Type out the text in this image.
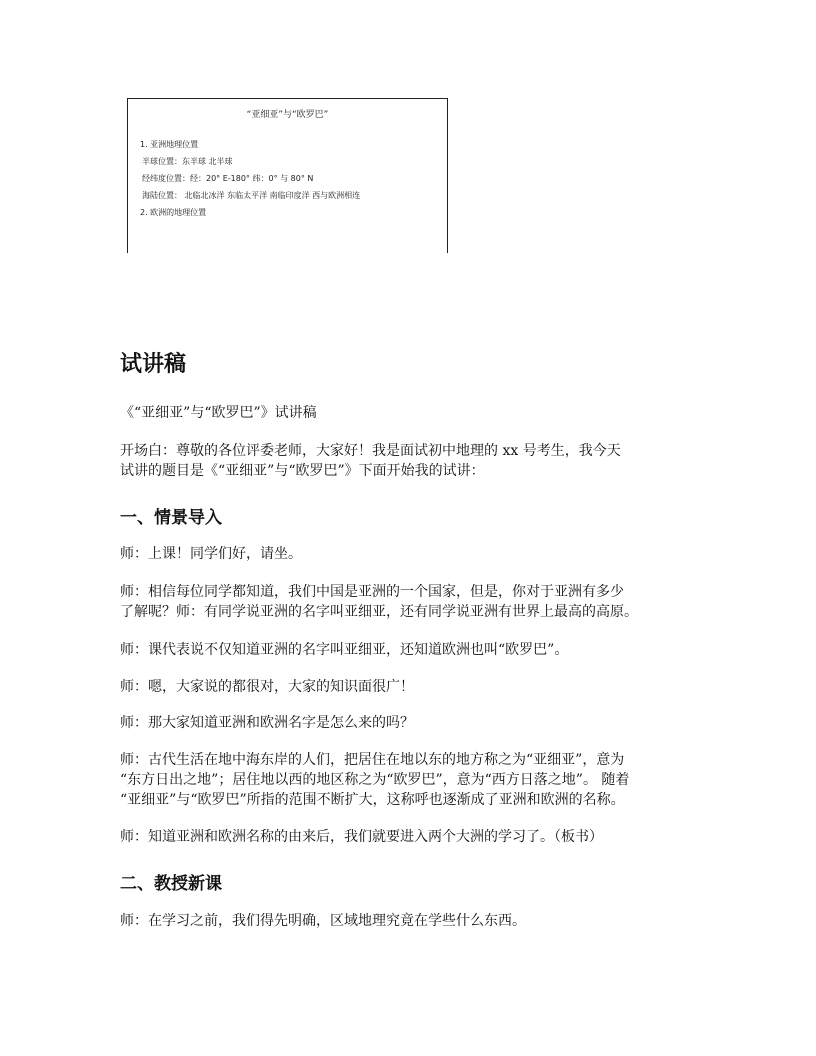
“亚细亚”与“欧罗巴”
1. 亚洲地理位置
半球位置：东半球 北半球
经纬度位置：经：20° E-180° 纬：0° 与 80° N
海陆位置： 北临北冰洋 东临太平洋 南临印度洋 西与欧洲相连
2. 欧洲的地理位置
试讲稿
《“亚细亚”与“欧罗巴”》试讲稿
开场白：尊敬的各位评委老师，大家好！我是面试初中地理的 xx 号考生，我今天
试讲的题目是《“亚细亚”与“欧罗巴”》下面开始我的试讲：
一、情景导入
师：上课！同学们好，请坐。
师：相信每位同学都知道，我们中国是亚洲的一个国家，但是，你对于亚洲有多少
了解呢？师：有同学说亚洲的名字叫亚细亚，还有同学说亚洲有世界上最高的高原。
师：课代表说不仅知道亚洲的名字叫亚细亚，还知道欧洲也叫“欧罗巴”。
师：嗯，大家说的都很对，大家的知识面很广！
师：那大家知道亚洲和欧洲名字是怎么来的吗？
师：古代生活在地中海东岸的人们，把居住在地以东的地方称之为“亚细亚”，意为
“东方日出之地”；居住地以西的地区称之为“欧罗巴”，意为“西方日落之地”。 随着
“亚细亚”与“欧罗巴”所指的范围不断扩大，这称呼也逐渐成了亚洲和欧洲的名称。
师：知道亚洲和欧洲名称的由来后，我们就要进入两个大洲的学习了。（板书）
二、教授新课
师：在学习之前，我们得先明确，区域地理究竟在学些什么东西。
